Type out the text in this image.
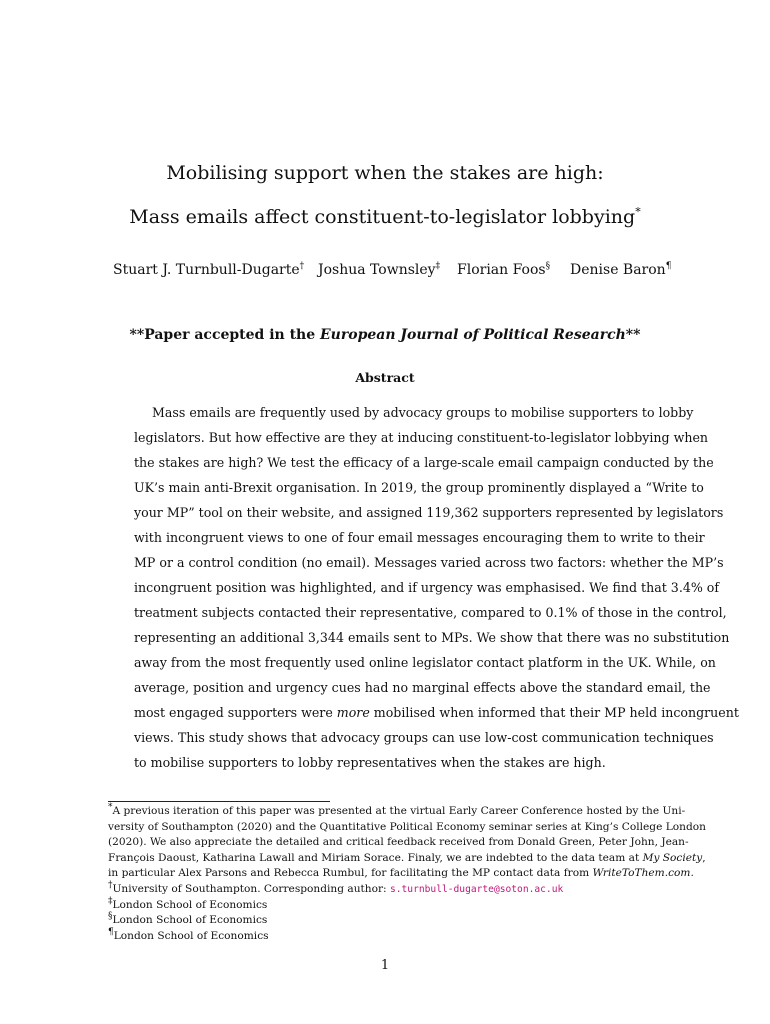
Mobilising support when the stakes are high:
Mass emails affect constituent-to-legislator lobbying*
Stuart J. Turnbull-Dugarte† Joshua Townsley‡ Florian Foos§ Denise Baron¶
**Paper accepted in the European Journal of Political Research**
Abstract
Mass emails are frequently used by advocacy groups to mobilise supporters to lobby
legislators. But how effective are they at inducing constituent-to-legislator lobbying when
the stakes are high? We test the efficacy of a large-scale email campaign conducted by the
UK’s main anti-Brexit organisation. In 2019, the group prominently displayed a “Write to
your MP” tool on their website, and assigned 119,362 supporters represented by legislators
with incongruent views to one of four email messages encouraging them to write to their
MP or a control condition (no email). Messages varied across two factors: whether the MP’s
incongruent position was highlighted, and if urgency was emphasised. We find that 3.4% of
treatment subjects contacted their representative, compared to 0.1% of those in the control,
representing an additional 3,344 emails sent to MPs. We show that there was no substitution
away from the most frequently used online legislator contact platform in the UK. While, on
average, position and urgency cues had no marginal effects above the standard email, the
most engaged supporters were more mobilised when informed that their MP held incongruent
views. This study shows that advocacy groups can use low-cost communication techniques
to mobilise supporters to lobby representatives when the stakes are high.
*A previous iteration of this paper was presented at the virtual Early Career Conference hosted by the Uni-
versity of Southampton (2020) and the Quantitative Political Economy seminar series at King’s College London
(2020). We also appreciate the detailed and critical feedback received from Donald Green, Peter John, Jean-
François Daoust, Katharina Lawall and Miriam Sorace. Finaly, we are indebted to the data team at My Society,
in particular Alex Parsons and Rebecca Rumbul, for facilitating the MP contact data from WriteToThem.com.
†University of Southampton. Corresponding author: s.turnbull-dugarte@soton.ac.uk
‡London School of Economics
§London School of Economics
¶London School of Economics
1
